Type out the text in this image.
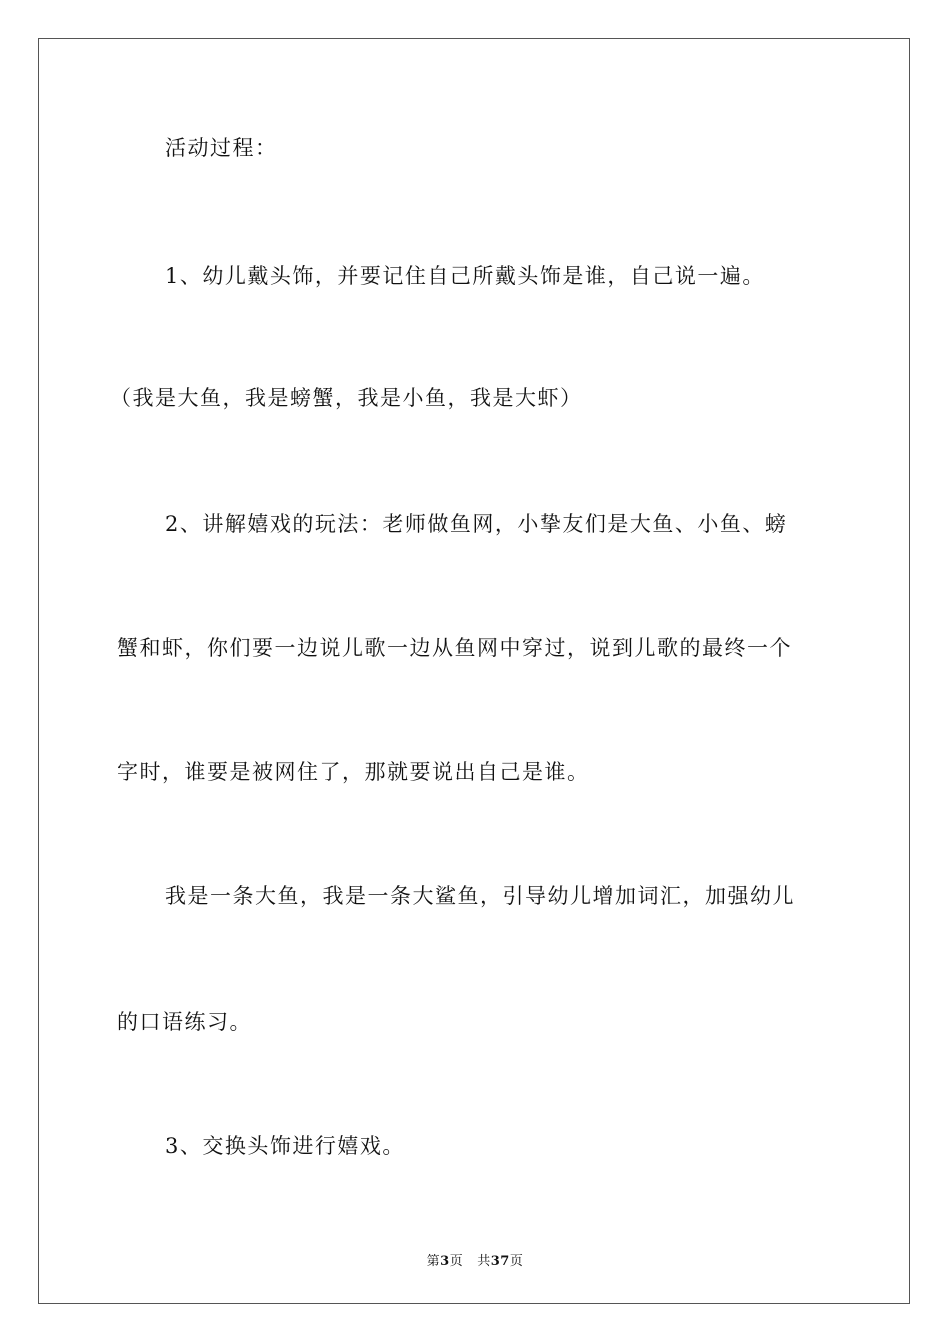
活动过程：

1、幼儿戴头饰，并要记住自己所戴头饰是谁，自己说一遍。

（我是大鱼，我是螃蟹，我是小鱼，我是大虾）

2、讲解嬉戏的玩法：老师做鱼网，小挚友们是大鱼、小鱼、螃

蟹和虾，你们要一边说儿歌一边从鱼网中穿过，说到儿歌的最终一个

字时，谁要是被网住了，那就要说出自己是谁。

我是一条大鱼，我是一条大鲨鱼，引导幼儿增加词汇，加强幼儿

的口语练习。

3、交换头饰进行嬉戏。

第3页 共37页
